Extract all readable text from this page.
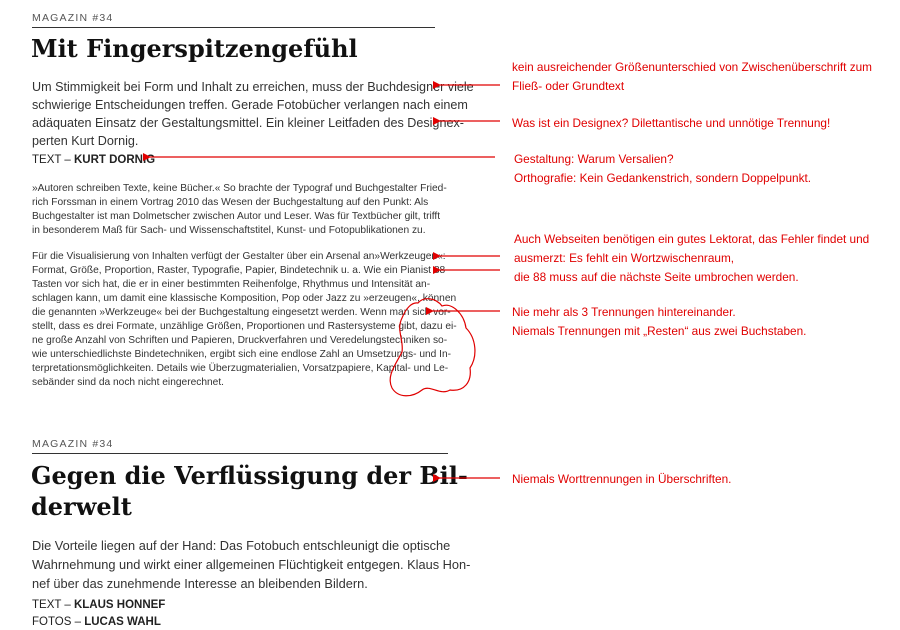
MAGAZIN #34
Mit Fingerspitzengefühl
Um Stimmigkeit bei Form und Inhalt zu erreichen, muss der Buchdesigner viele
schwierige Entscheidungen treffen. Gerade Fotobücher verlangen nach einem
adäquaten Einsatz der Gestaltungsmittel. Ein kleiner Leitfaden des Designex-
perten Kurt Dornig.
TEXT – KURT DORNIG
»Autoren schreiben Texte, keine Bücher.« So brachte der Typograf und Buchgestalter Fried-
rich Forssman in einem Vortrag 2010 das Wesen der Buchgestaltung auf den Punkt: Als
Buchgestalter ist man Dolmetscher zwischen Autor und Leser. Was für Textbücher gilt, trifft
in besonderem Maß für Sach- und Wissenschaftstitel, Kunst- und Fotopublikationen zu.
Für die Visualisierung von Inhalten verfügt der Gestalter über ein Arsenal an»Werkzeugen«:
Format, Größe, Proportion, Raster, Typografie, Papier, Bindetechnik u. a. Wie ein Pianist 88
Tasten vor sich hat, die er in einer bestimmten Reihenfolge, Rhythmus und Intensität an-
schlagen kann, um damit eine klassische Komposition, Pop oder Jazz zu »erzeugen«, können
die genannten »Werkzeuge« bei der Buchgestaltung eingesetzt werden. Wenn man sich vor-
stellt, dass es drei Formate, unzählige Größen, Proportionen und Rastersysteme gibt, dazu ei-
ne große Anzahl von Schriften und Papieren, Druckverfahren und Veredelungstechniken so-
wie unterschiedlichste Bindetechniken, ergibt sich eine endlose Zahl an Umsetzungs- und In-
terpretationsmöglichkeiten. Details wie Überzugmaterialien, Vorsatzpapiere, Kapital- und Le-
sebänder sind da noch nicht eingerechnet.
MAGAZIN #34
Gegen die Verflüssigung der Bil-
derwelt
Die Vorteile liegen auf der Hand: Das Fotobuch entschleunigt die optische
Wahrnehmung und wirkt einer allgemeinen Flüchtigkeit entgegen. Klaus Hon-
nef über das zunehmende Interesse an bleibenden Bildern.
TEXT – KLAUS HONNEF
FOTOS – LUCAS WAHL
kein ausreichender Größenunterschied von Zwischenüberschrift zum
Fließ- oder Grundtext
Was ist ein Designex? Dilettantische und unnötige Trennung!
Gestaltung: Warum Versalien?
Orthografie: Kein Gedankenstrich, sondern Doppelpunkt.
Auch Webseiten benötigen ein gutes Lektorat, das Fehler findet und
ausmerzt: Es fehlt ein Wortzwischenraum,
die 88 muss auf die nächste Seite umbrochen werden.
Nie mehr als 3 Trennungen hintereinander.
Niemals Trennungen mit „Resten“ aus zwei Buchstaben.
Niemals Worttrennungen in Überschriften.
